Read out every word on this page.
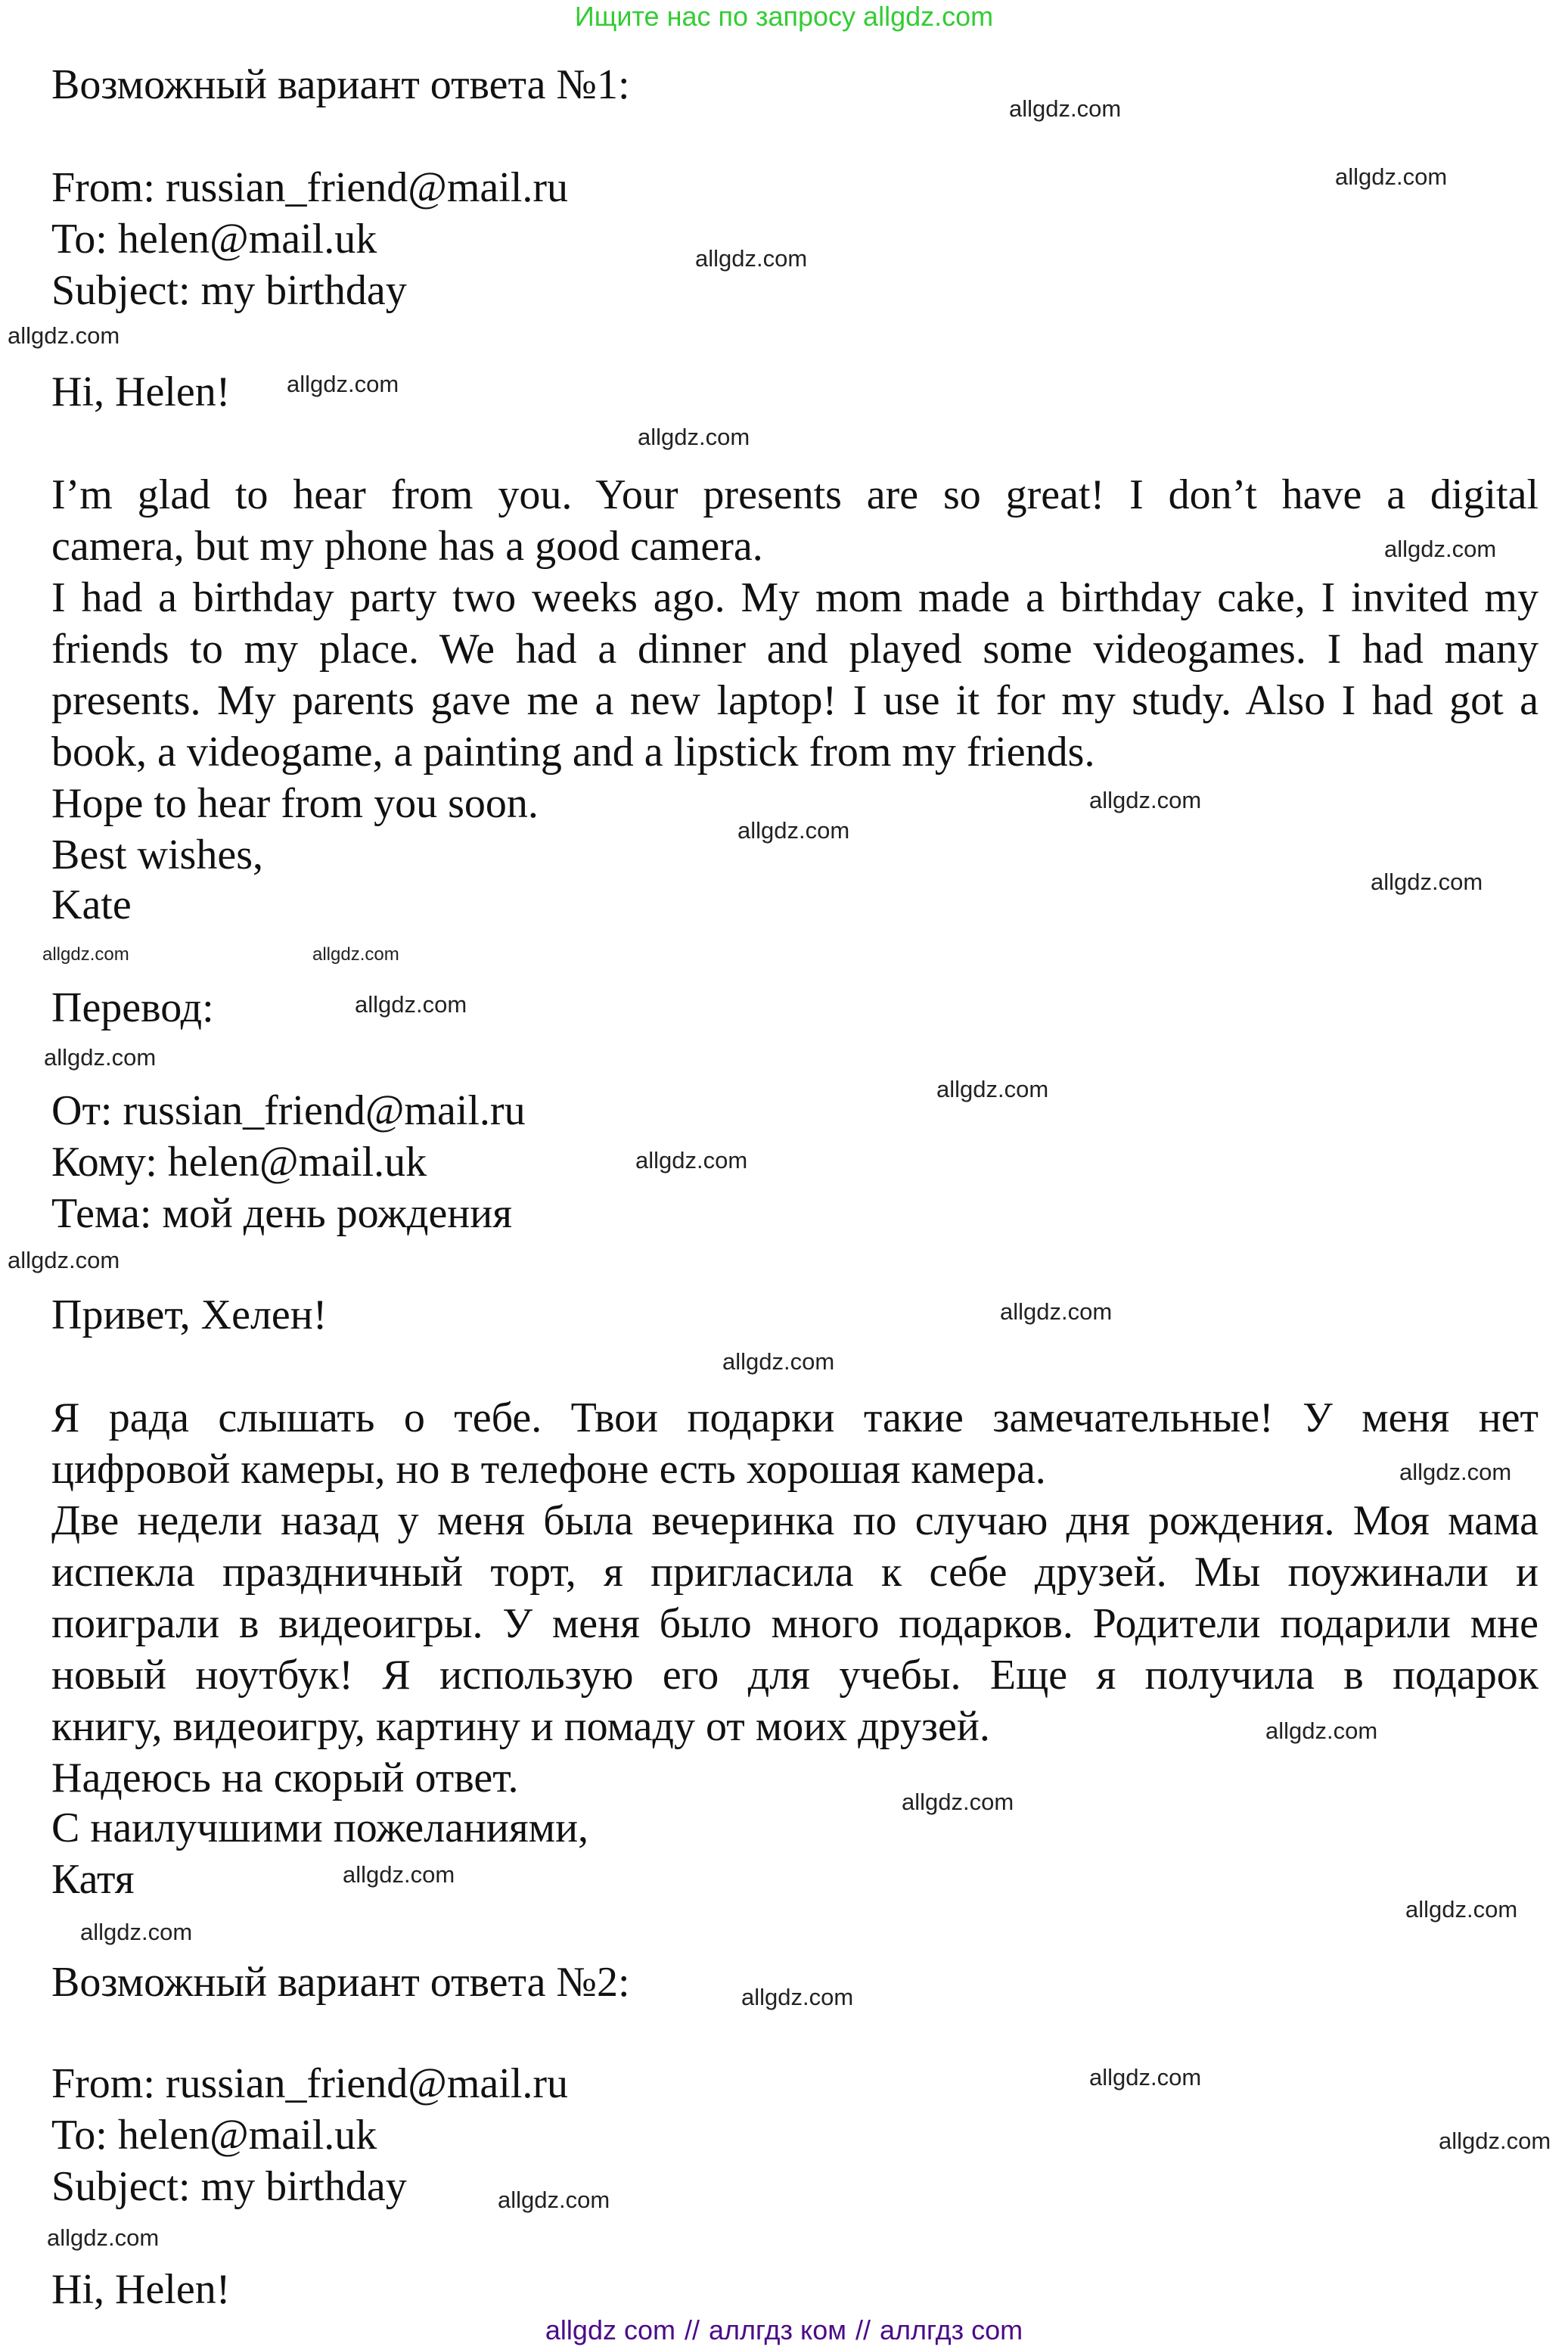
Ищите нас по запросу allgdz.com
Возможный вариант ответа №1:
From: russian_friend@mail.ru
To: helen@mail.uk
Subject: my birthday
Hi, Helen!
I’m glad to hear from you. Your presents are so great! I don’t have a digital
camera, but my phone has a good camera.
I had a birthday party two weeks ago. My mom made a birthday cake, I invited my
friends to my place. We had a dinner and played some videogames. I had many
presents. My parents gave me a new laptop! I use it for my study. Also I had got a
book, a videogame, a painting and a lipstick from my friends.
Hope to hear from you soon.
Best wishes,
Kate
Перевод:
От: russian_friend@mail.ru
Кому: helen@mail.uk
Тема: мой день рождения
Привет, Хелен!
Я рада слышать о тебе. Твои подарки такие замечательные! У меня нет
цифровой камеры, но в телефоне есть хорошая камера.
Две недели назад у меня была вечеринка по случаю дня рождения. Моя мама
испекла праздничный торт, я пригласила к себе друзей. Мы поужинали и
поиграли в видеоигры. У меня было много подарков. Родители подарили мне
новый ноутбук! Я использую его для учебы. Еще я получила в подарок
книгу, видеоигру, картину и помаду от моих друзей.
Надеюсь на скорый ответ.
С наилучшими пожеланиями,
Катя
Возможный вариант ответа №2:
From: russian_friend@mail.ru
To: helen@mail.uk
Subject: my birthday
Hi, Helen!
allgdz.com
allgdz.com
allgdz.com
allgdz.com
allgdz.com
allgdz.com
allgdz.com
allgdz.com	allgdz.com
allgdz.com
allgdz.com
allgdz.com
allgdz.com
allgdz.com
allgdz.com
allgdz.com
allgdz.com
allgdz.com
allgdz.com
allgdz.com
allgdz.com
allgdz.com
allgdz.com
allgdz.com
allgdz.com
allgdz.com
allgdz.com
allgdz.com
allgdz.com
allgdz.com
allgdz com // аллгдз ком // аллгдз com
